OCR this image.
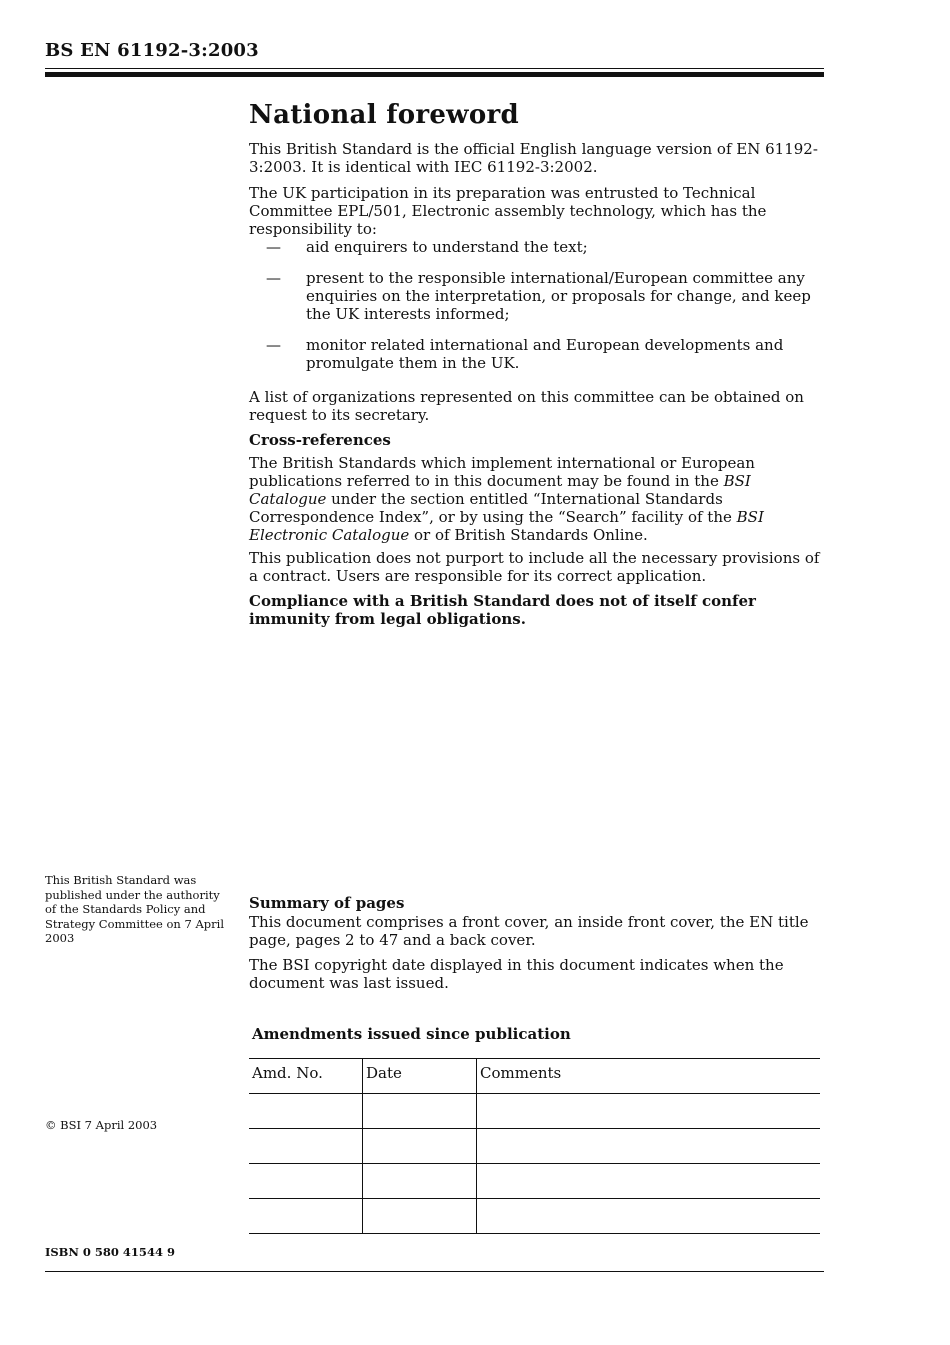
BS EN 61192-3:2003
National foreword

This British Standard is the official English language version of EN 61192-3:2003. It is identical with IEC 61192-3:2002.

The UK participation in its preparation was entrusted to Technical Committee EPL/501, Electronic assembly technology, which has the responsibility to:

— aid enquirers to understand the text;
— present to the responsible international/European committee any enquiries on the interpretation, or proposals for change, and keep the UK interests informed;
— monitor related international and European developments and promulgate them in the UK.

A list of organizations represented on this committee can be obtained on request to its secretary.

Cross-references

The British Standards which implement international or European publications referred to in this document may be found in the BSI Catalogue under the section entitled “International Standards Correspondence Index”, or by using the “Search” facility of the BSI Electronic Catalogue or of British Standards Online.

This publication does not purport to include all the necessary provisions of a contract. Users are responsible for its correct application.

Compliance with a British Standard does not of itself confer immunity from legal obligations.

This British Standard was published under the authority of the Standards Policy and Strategy Committee on 7 April 2003
Summary of pages

This document comprises a front cover, an inside front cover, the EN title page, pages 2 to 47 and a back cover.

The BSI copyright date displayed in this document indicates when the document was last issued.

Amendments issued since publication
Amd. No.	Date	Comments

© BSI 7 April 2003
ISBN 0 580 41544 9
